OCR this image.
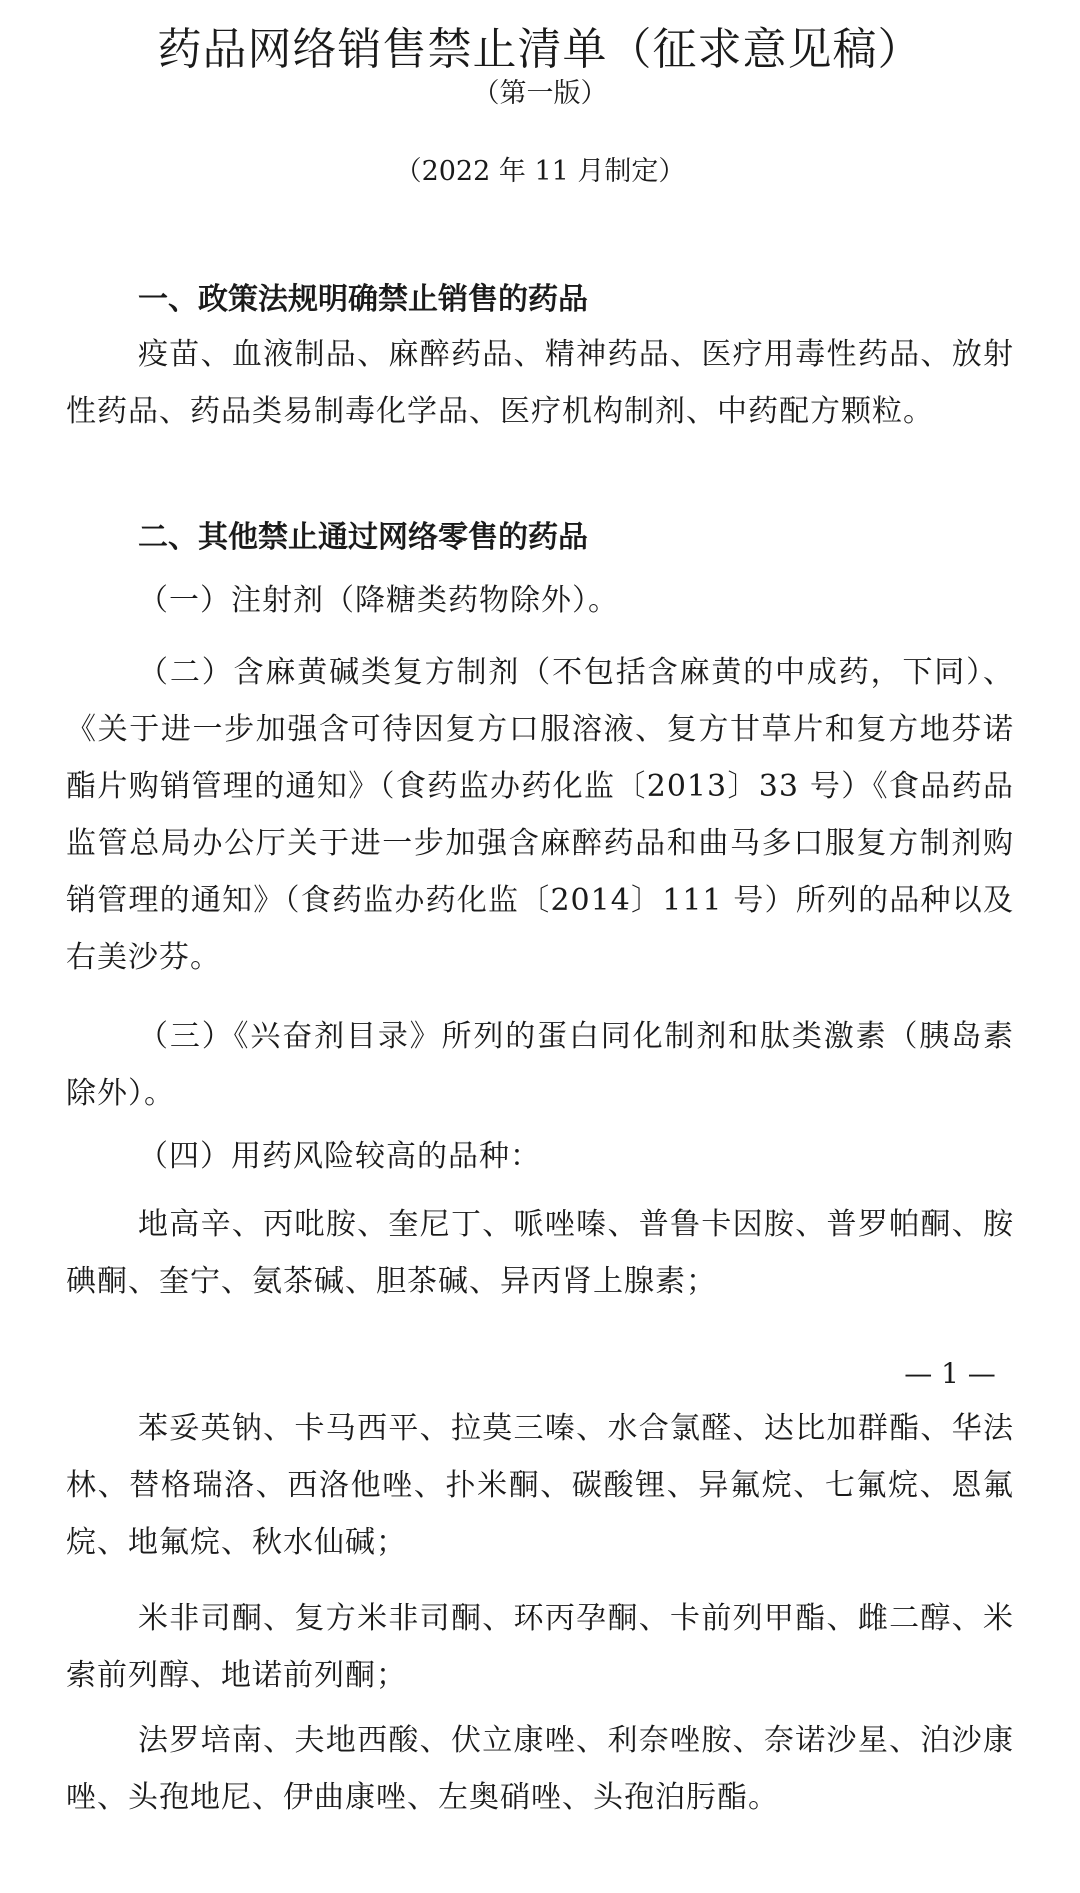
药品网络销售禁止清单（征求意见稿）
（第一版）
（2022 年 11 月制定）
一、政策法规明确禁止销售的药品
疫苗、血液制品、麻醉药品、精神药品、医疗用毒性药品、放射性药品、药品类易制毒化学品、医疗机构制剂、中药配方颗粒。
二、其他禁止通过网络零售的药品
（一）注射剂（降糖类药物除外）。
（二）含麻黄碱类复方制剂（不包括含麻黄的中成药，下同）、《关于进一步加强含可待因复方口服溶液、复方甘草片和复方地芬诺酯片购销管理的通知》（食药监办药化监〔2013〕33 号）《食品药品监管总局办公厅关于进一步加强含麻醉药品和曲马多口服复方制剂购销管理的通知》（食药监办药化监〔2014〕111 号）所列的品种以及右美沙芬。
（三）《兴奋剂目录》所列的蛋白同化制剂和肽类激素（胰岛素除外）。
（四）用药风险较高的品种：
地高辛、丙吡胺、奎尼丁、哌唑嗪、普鲁卡因胺、普罗帕酮、胺碘酮、奎宁、氨茶碱、胆茶碱、异丙肾上腺素；
— 1 —
苯妥英钠、卡马西平、拉莫三嗪、水合氯醛、达比加群酯、华法林、替格瑞洛、西洛他唑、扑米酮、碳酸锂、异氟烷、七氟烷、恩氟烷、地氟烷、秋水仙碱；
米非司酮、复方米非司酮、环丙孕酮、卡前列甲酯、雌二醇、米索前列醇、地诺前列酮；
法罗培南、夫地西酸、伏立康唑、利奈唑胺、奈诺沙星、泊沙康唑、头孢地尼、伊曲康唑、左奥硝唑、头孢泊肟酯。
